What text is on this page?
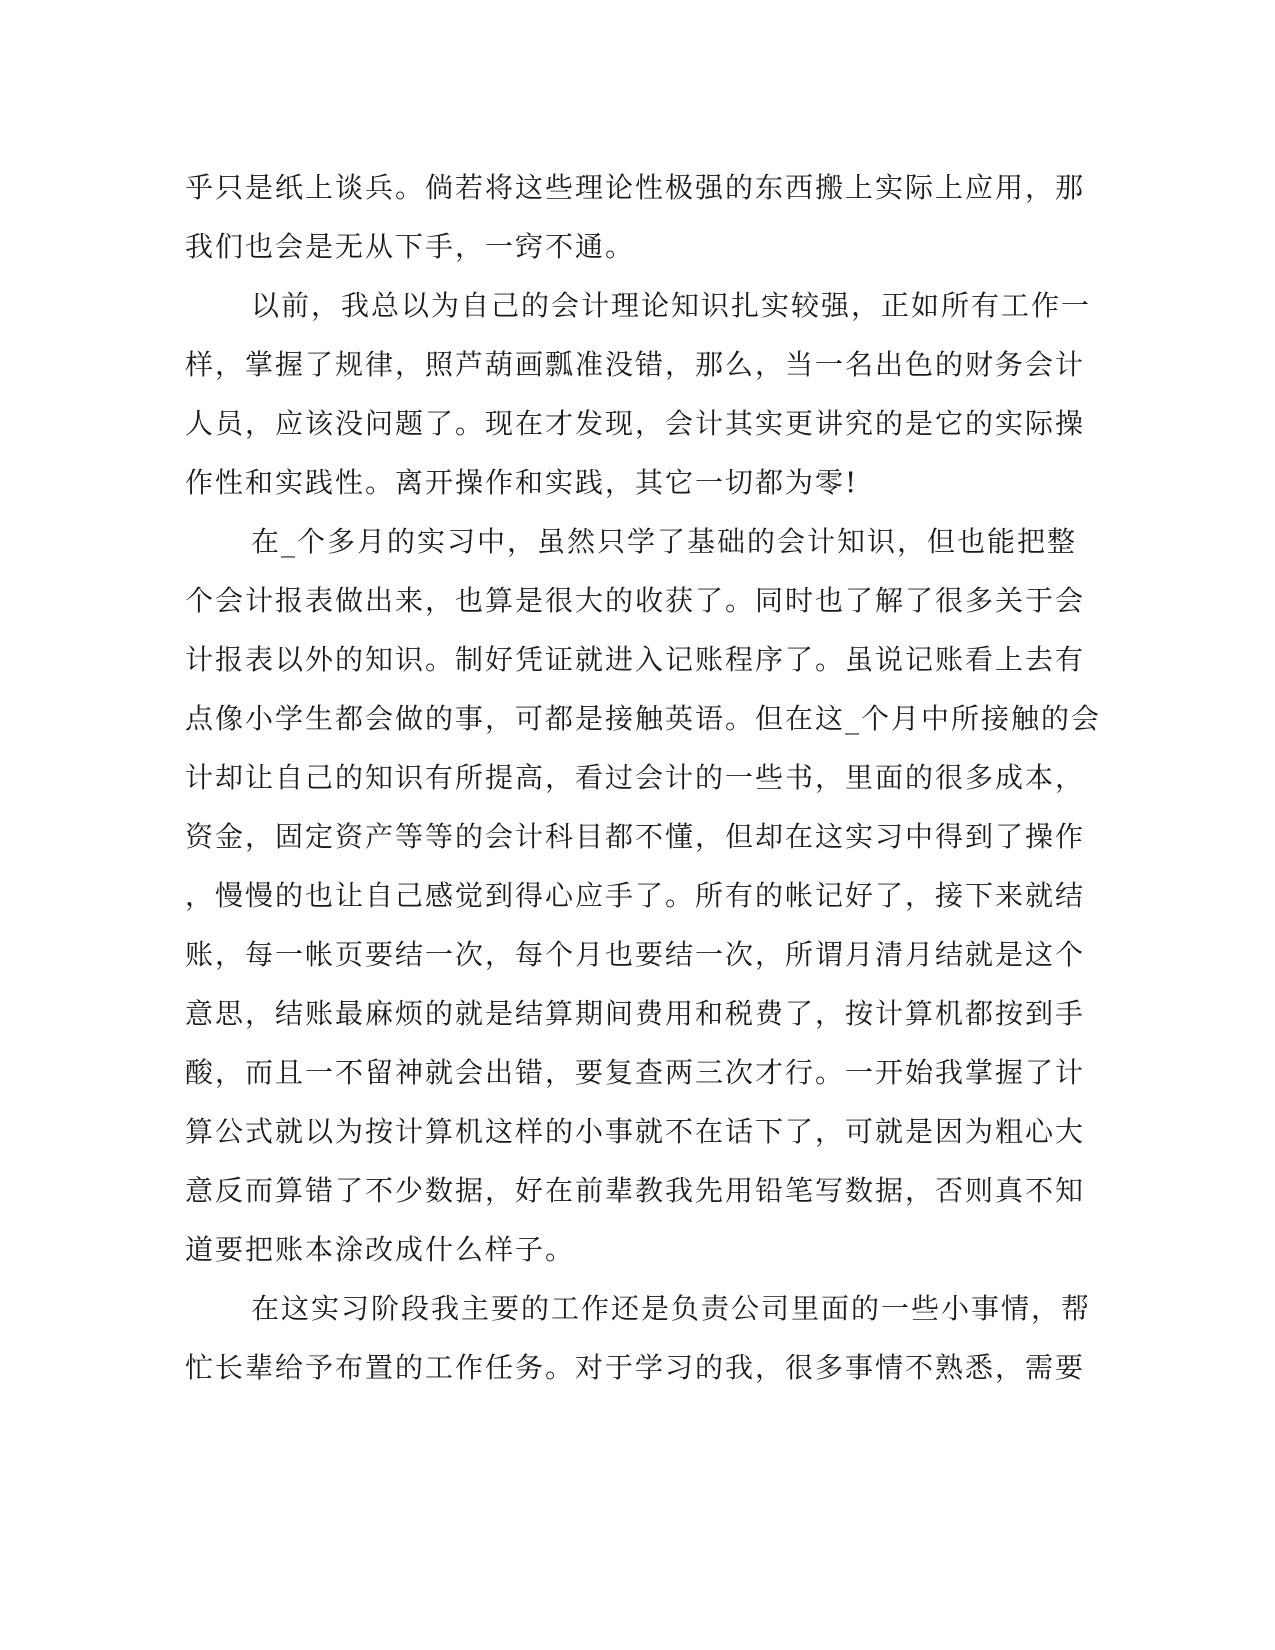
乎只是纸上谈兵。倘若将这些理论性极强的东西搬上实际上应用，那
我们也会是无从下手，一窍不通。
以前，我总以为自己的会计理论知识扎实较强，正如所有工作一
样，掌握了规律，照芦葫画瓢准没错，那么，当一名出色的财务会计
人员，应该没问题了。现在才发现，会计其实更讲究的是它的实际操
作性和实践性。离开操作和实践，其它一切都为零!
在_个多月的实习中，虽然只学了基础的会计知识，但也能把整
个会计报表做出来，也算是很大的收获了。同时也了解了很多关于会
计报表以外的知识。制好凭证就进入记账程序了。虽说记账看上去有
点像小学生都会做的事，可都是接触英语。但在这_个月中所接触的会
计却让自己的知识有所提高，看过会计的一些书，里面的很多成本，
资金，固定资产等等的会计科目都不懂，但却在这实习中得到了操作
，慢慢的也让自己感觉到得心应手了。所有的帐记好了，接下来就结
账，每一帐页要结一次，每个月也要结一次，所谓月清月结就是这个
意思，结账最麻烦的就是结算期间费用和税费了，按计算机都按到手
酸，而且一不留神就会出错，要复查两三次才行。一开始我掌握了计
算公式就以为按计算机这样的小事就不在话下了，可就是因为粗心大
意反而算错了不少数据，好在前辈教我先用铅笔写数据，否则真不知
道要把账本涂改成什么样子。
在这实习阶段我主要的工作还是负责公司里面的一些小事情，帮
忙长辈给予布置的工作任务。对于学习的我，很多事情不熟悉，需要
